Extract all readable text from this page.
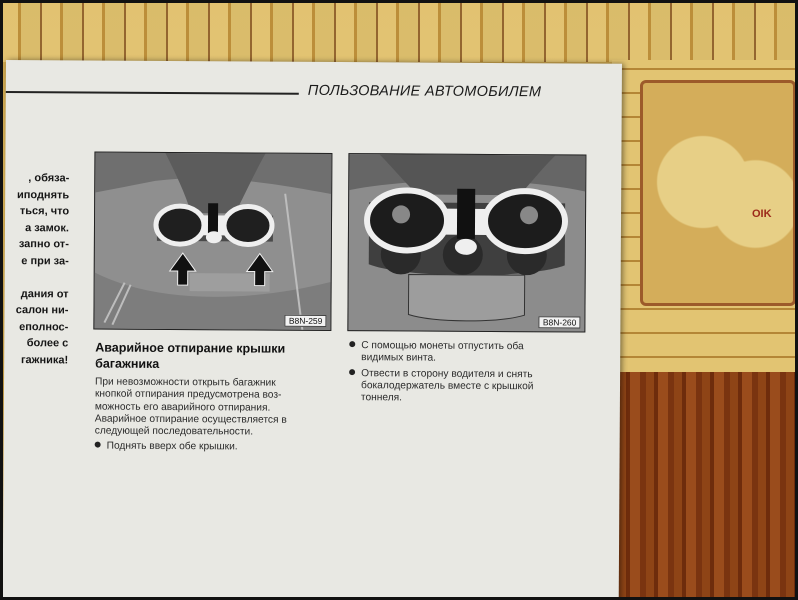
OIK
ПОЛЬЗОВАНИЕ АВТОМОБИЛЕМ
, обяза-
иподнять
ться, что
а замок.
запно от-
е при за-
дания от
салон ни-
еполнос-
более с
гажника!
B8N-259	B8N-260
Аварийное отпирание крышки
багажника
При невозможности открыть багажник
кнопкой отпирания предусмотрена воз-
можность его аварийного отпирания.
Аварийное отпирание осуществляется в
следующей последовательности.
Поднять вверх обе крышки.
С помощью монеты отпустить оба
видимых винта.
Отвести в сторону водителя и снять
бокалодержатель вместе с крышкой
тоннеля.
